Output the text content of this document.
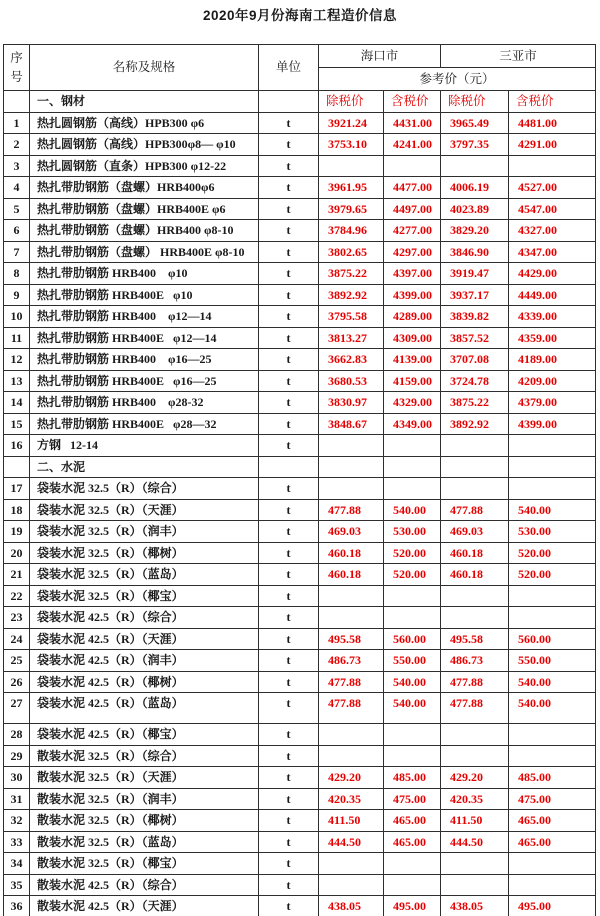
2020年9月份海南工程造价信息
序号	名称及规格	单位	海口市		三亚市	
			参考价（元）			
	一、钢材		除税价	含税价	除税价	含税价
1	热扎圆钢筋（高线）HPB300 φ6	t	3921.24	4431.00	3965.49	4481.00
2	热扎圆钢筋（高线）HPB300φ8— φ10	t	3753.10	4241.00	3797.35	4291.00
3	热扎圆钢筋（直条）HPB300 φ12-22	t				
4	热扎带肋钢筋（盘螺）HRB400φ6	t	3961.95	4477.00	4006.19	4527.00
5	热扎带肋钢筋（盘螺）HRB400E φ6	t	3979.65	4497.00	4023.89	4547.00
6	热扎带肋钢筋（盘螺）HRB400 φ8-10	t	3784.96	4277.00	3829.20	4327.00
7	热扎带肋钢筋（盘螺） HRB400E φ8-10	t	3802.65	4297.00	3846.90	4347.00
8	热扎带肋钢筋 HRB400    φ10	t	3875.22	4397.00	3919.47	4429.00
9	热扎带肋钢筋 HRB400E   φ10	t	3892.92	4399.00	3937.17	4449.00
10	热扎带肋钢筋 HRB400    φ12—14	t	3795.58	4289.00	3839.82	4339.00
11	热扎带肋钢筋 HRB400E   φ12—14	t	3813.27	4309.00	3857.52	4359.00
12	热扎带肋钢筋 HRB400    φ16—25	t	3662.83	4139.00	3707.08	4189.00
13	热扎带肋钢筋 HRB400E   φ16—25	t	3680.53	4159.00	3724.78	4209.00
14	热扎带肋钢筋 HRB400    φ28-32	t	3830.97	4329.00	3875.22	4379.00
15	热扎带肋钢筋 HRB400E   φ28—32	t	3848.67	4349.00	3892.92	4399.00
16	方钢   12-14	t				
	二、水泥					
17	袋装水泥 32.5（R）（综合）	t				
18	袋装水泥 32.5（R）（天涯）	t	477.88	540.00	477.88	540.00
19	袋装水泥 32.5（R）（润丰）	t	469.03	530.00	469.03	530.00
20	袋装水泥 32.5（R）（椰树）	t	460.18	520.00	460.18	520.00
21	袋装水泥 32.5（R）（蓝岛）	t	460.18	520.00	460.18	520.00
22	袋装水泥 32.5（R）（椰宝）	t				
23	袋装水泥 42.5（R）（综合）	t				
24	袋装水泥 42.5（R）（天涯）	t	495.58	560.00	495.58	560.00
25	袋装水泥 42.5（R）（润丰）	t	486.73	550.00	486.73	550.00
26	袋装水泥 42.5（R）（椰树）	t	477.88	540.00	477.88	540.00
27	袋装水泥 42.5（R）（蓝岛）	t	477.88	540.00	477.88	540.00
28	袋装水泥 42.5（R）（椰宝）	t				
29	散装水泥 32.5（R）（综合）	t				
30	散装水泥 32.5（R）（天涯）	t	429.20	485.00	429.20	485.00
31	散装水泥 32.5（R）（润丰）	t	420.35	475.00	420.35	475.00
32	散装水泥 32.5（R）（椰树）	t	411.50	465.00	411.50	465.00
33	散装水泥 32.5（R）（蓝岛）	t	444.50	465.00	444.50	465.00
34	散装水泥 32.5（R）（椰宝）	t				
35	散装水泥 42.5（R）（综合）	t				
36	散装水泥 42.5（R）（天涯）	t	438.05	495.00	438.05	495.00
